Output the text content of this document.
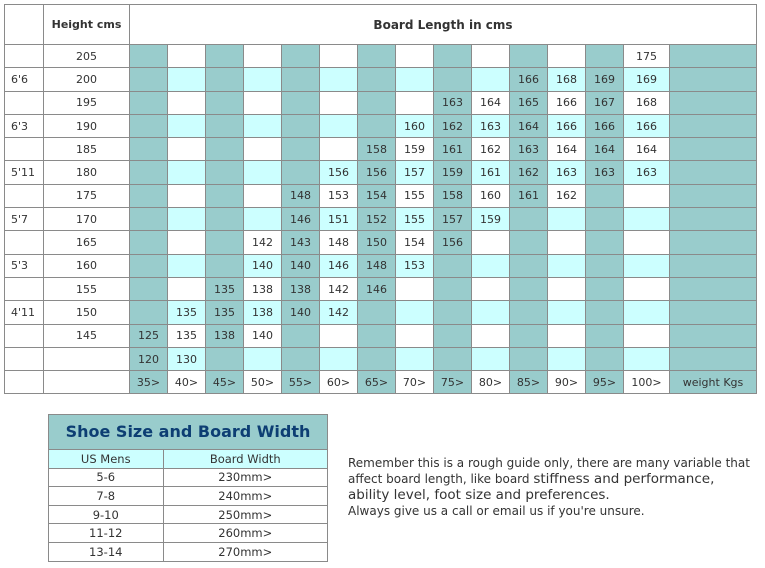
	Height cms	Board Length in cms														
	205														175	
6'6	200											166	168	169	169	
	195									163	164	165	166	167	168	
6'3	190								160	162	163	164	166	166	166	
	185							158	159	161	162	163	164	164	164	
5'11	180						156	156	157	159	161	162	163	163	163	
	175					148	153	154	155	158	160	161	162			
5'7	170					146	151	152	155	157	159					
	165				142	143	148	150	154	156						
5'3	160				140	140	146	148	153							
	155			135	138	138	142	146								
4'11	150		135	135	138	140	142									
	145	125	135	138	140											
		120	130													
		35>	40>	45>	50>	55>	60>	65>	70>	75>	80>	85>	90>	95>	100>	weight Kgs
Shoe Size and Board Width
US Mens	Board Width
5-6	230mm>
7-8	240mm>
9-10	250mm>
11-12	260mm>
13-14	270mm>
Remember this is a rough guide only, there are many variable that
affect board length, like board stiffness and performance,
ability level, foot size and preferences.
Always give us a call or email us if you're unsure.
